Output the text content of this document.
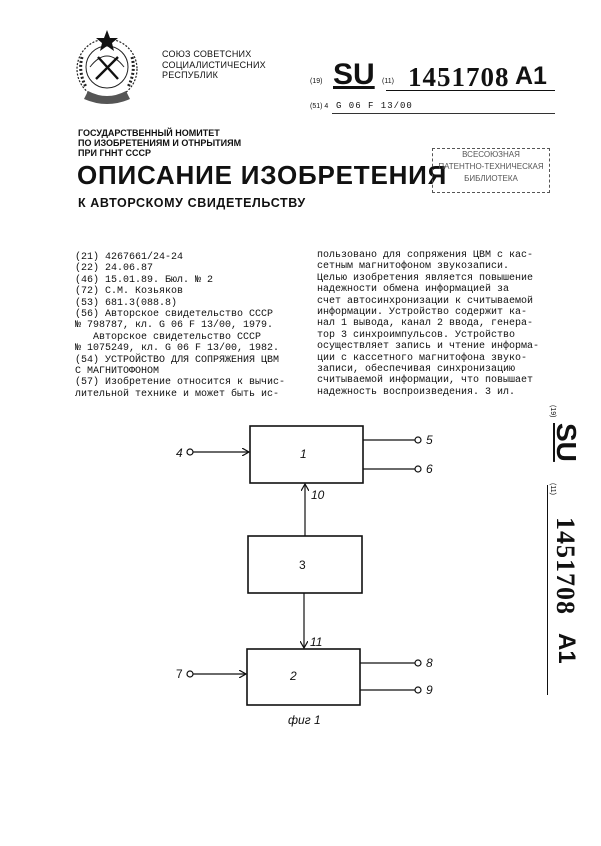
СОЮЗ СОВЕТСНИХ
СОЦИАЛИСТИЧЕСНИХ
РЕСПУБЛИК
(19) SU (11) 1451708 A1
(51) 4 G 06 F 13/00
ГОСУДАРСТВЕННЫЙ НОМИТЕТ
ПО ИЗОБРЕТЕНИЯМ И ОТНРЫТИЯМ
ПРИ ГННТ СССР
ОПИСАНИЕ ИЗОБРЕТЕНИЯ
К АВТОРСКОМУ СВИДЕТЕЛЬСТВУ
ВСЕСОЮЗНАЯ
ПАТЕНТНО-ТЕХНИЧЕСКАЯ
БИБЛИОТЕКА
(21) 4267661/24-24
(22) 24.06.87
(46) 15.01.89. Бюл. № 2
(72) С.М. Козьяков
(53) 681.3(088.8)
(56) Авторское свидетельство СССР
№ 798787, кл. G 06 F 13/00, 1979.
Авторское свидетельство СССР
№ 1075249, кл. G 06 F 13/00, 1982.
(54) УСТРОЙСТВО ДЛЯ СОПРЯЖЕНИЯ ЦВМ
С МАГНИТОФОНОМ
(57) Изобретение относится к вычис-
лительной технике и может быть ис-
пользовано для сопряжения ЦВМ с кас-
сетным магнитофоном звукозаписи.
Целью изобретения является повышение
надежности обмена информацией за
счет автосинхронизации к считываемой
информации. Устройство содержит ка-
нал 1 вывода, канал 2 ввода, генера-
тор 3 синхроимпульсов. Устройство
осуществляет запись и чтение информа-
ции с кассетного магнитофона звуко-
записи, обеспечивая синхронизацию
считываемой информации, что повышает
надежность воспроизведения. 3 ил.
1
3
2
4
5
6
7
8
9
10
11
фиг 1
(19)
SU
(11)
1451708
A1
